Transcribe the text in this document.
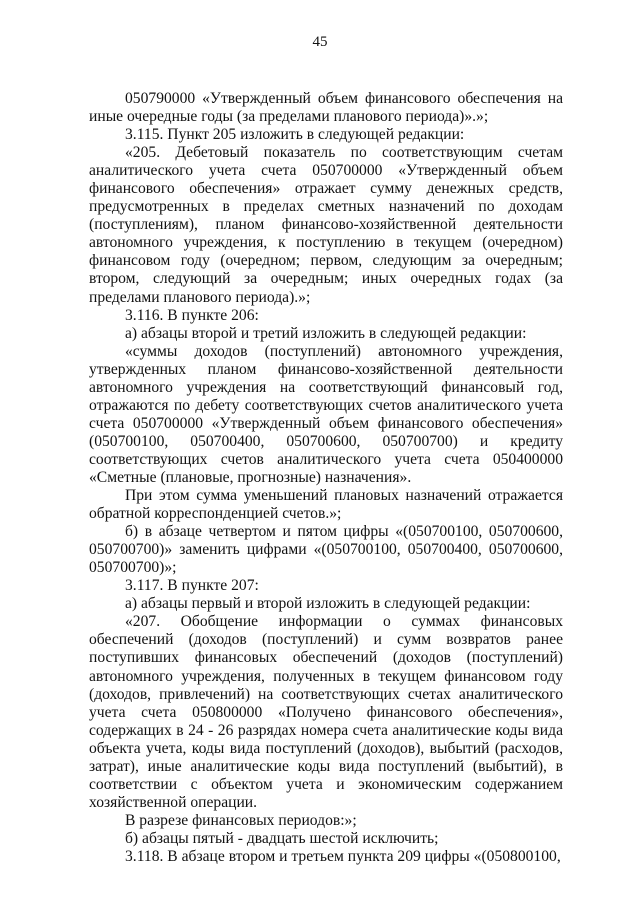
45

050790000 «Утвержденный объем финансового обеспечения на иные очередные годы (за пределами планового периода)».»;

3.115. Пункт 205 изложить в следующей редакции:

«205. Дебетовый показатель по соответствующим счетам аналитического учета счета 050700000 «Утвержденный объем финансового обеспечения» отражает сумму денежных средств, предусмотренных в пределах сметных назначений по доходам (поступлениям), планом финансово-хозяйственной деятельности автономного учреждения, к поступлению в текущем (очередном) финансовом году (очередном; первом, следующим за очередным; втором, следующий за очередным; иных очередных годах (за пределами планового периода).»;

3.116. В пункте 206:

а) абзацы второй и третий изложить в следующей редакции:

«суммы доходов (поступлений) автономного учреждения, утвержденных планом финансово-хозяйственной деятельности автономного учреждения на соответствующий финансовый год, отражаются по дебету соответствующих счетов аналитического учета счета 050700000 «Утвержденный объем финансового обеспечения» (050700100, 050700400, 050700600, 050700700) и кредиту соответствующих счетов аналитического учета счета 050400000 «Сметные (плановые, прогнозные) назначения».

При этом сумма уменьшений плановых назначений отражается обратной корреспонденцией счетов.»;

б) в абзаце четвертом и пятом цифры «(050700100, 050700600, 050700700)» заменить цифрами «(050700100, 050700400, 050700600, 050700700)»;

3.117. В пункте 207:

а) абзацы первый и второй изложить в следующей редакции:

«207. Обобщение информации о суммах финансовых обеспечений (доходов (поступлений) и сумм возвратов ранее поступивших финансовых обеспечений (доходов (поступлений) автономного учреждения, полученных в текущем финансовом году (доходов, привлечений) на соответствующих счетах аналитического учета счета 050800000 «Получено финансового обеспечения», содержащих в 24 - 26 разрядах номера счета аналитические коды вида объекта учета, коды вида поступлений (доходов), выбытий (расходов, затрат), иные аналитические коды вида поступлений (выбытий), в соответствии с объектом учета и экономическим содержанием хозяйственной операции.

В разрезе финансовых периодов:»;

б) абзацы пятый - двадцать шестой исключить;

3.118. В абзаце втором и третьем пункта 209 цифры «(050800100,
